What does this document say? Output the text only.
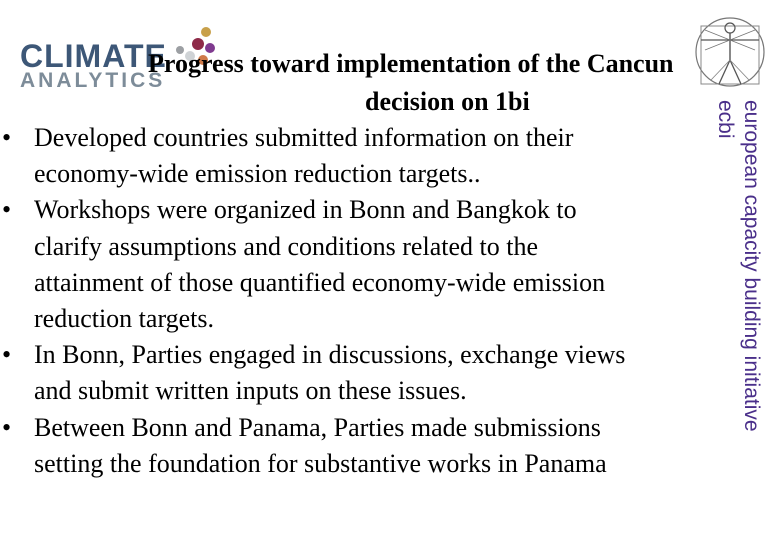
CLIMATE
ANALYTICS
Progress toward implementation of the Cancun
decision on 1bi	european capacity building initiative
ecbi
• Developed countries submitted information on their
economy-wide emission reduction targets..
• Workshops were organized in Bonn and Bangkok to
clarify assumptions and conditions related to the
attainment of those quantified economy-wide emission
reduction targets.
• In Bonn, Parties engaged in discussions, exchange views
and submit written inputs on these issues.
• Between Bonn and Panama, Parties made submissions
setting the foundation for substantive works in Panama
